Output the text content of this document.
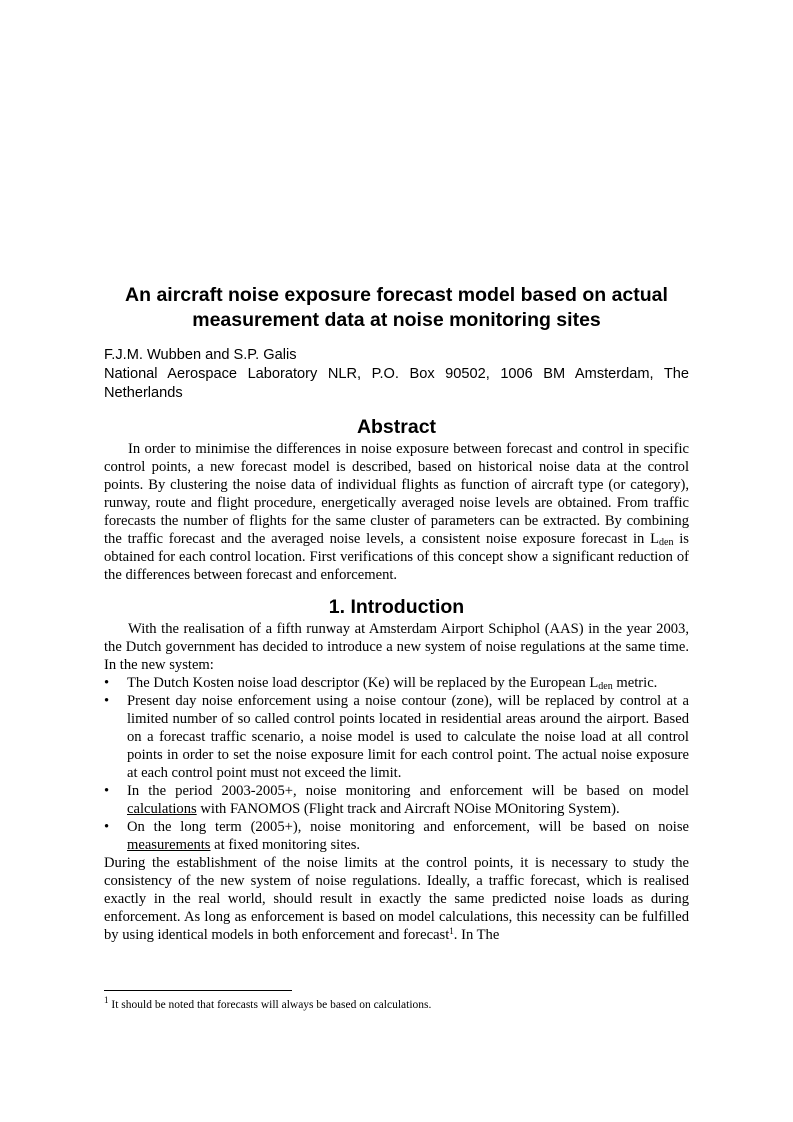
An aircraft noise exposure forecast model based on actual measurement data at noise monitoring sites
F.J.M. Wubben and S.P. Galis
National Aerospace Laboratory NLR, P.O. Box 90502, 1006 BM Amsterdam, The Netherlands
Abstract

In order to minimise the differences in noise exposure between forecast and control in specific control points, a new forecast model is described, based on historical noise data at the control points. By clustering the noise data of individual flights as function of aircraft type (or category), runway, route and flight procedure, energetically averaged noise levels are obtained. From traffic forecasts the number of flights for the same cluster of parameters can be extracted. By combining the traffic forecast and the averaged noise levels, a consistent noise exposure forecast in $L_{den}$ is obtained for each control location. First verifications of this concept show a significant reduction of the differences between forecast and enforcement.

1. Introduction

With the realisation of a fifth runway at Amsterdam Airport Schiphol (AAS) in the year 2003, the Dutch government has decided to introduce a new system of noise regulations at the same time. In the new system:

• The Dutch Kosten noise load descriptor (Ke) will be replaced by the European $L_{den}$ metric.
• Present day noise enforcement using a noise contour (zone), will be replaced by control at a limited number of so called control points located in residential areas around the airport. Based on a forecast traffic scenario, a noise model is used to calculate the noise load at all control points in order to set the noise exposure limit for each control point. The actual noise exposure at each control point must not exceed the limit.
• In the period 2003-2005+, noise monitoring and enforcement will be based on model calculations with FANOMOS (Flight track and Aircraft NOise MOnitoring System).
• On the long term (2005+), noise monitoring and enforcement, will be based on noise measurements at fixed monitoring sites.

During the establishment of the noise limits at the control points, it is necessary to study the consistency of the new system of noise regulations. Ideally, a traffic forecast, which is realised exactly in the real world, should result in exactly the same predicted noise loads as during enforcement. As long as enforcement is based on model calculations, this necessity can be fulfilled by using identical models in both enforcement and forecast$^1$. In The

$^1$ It should be noted that forecasts will always be based on calculations.
